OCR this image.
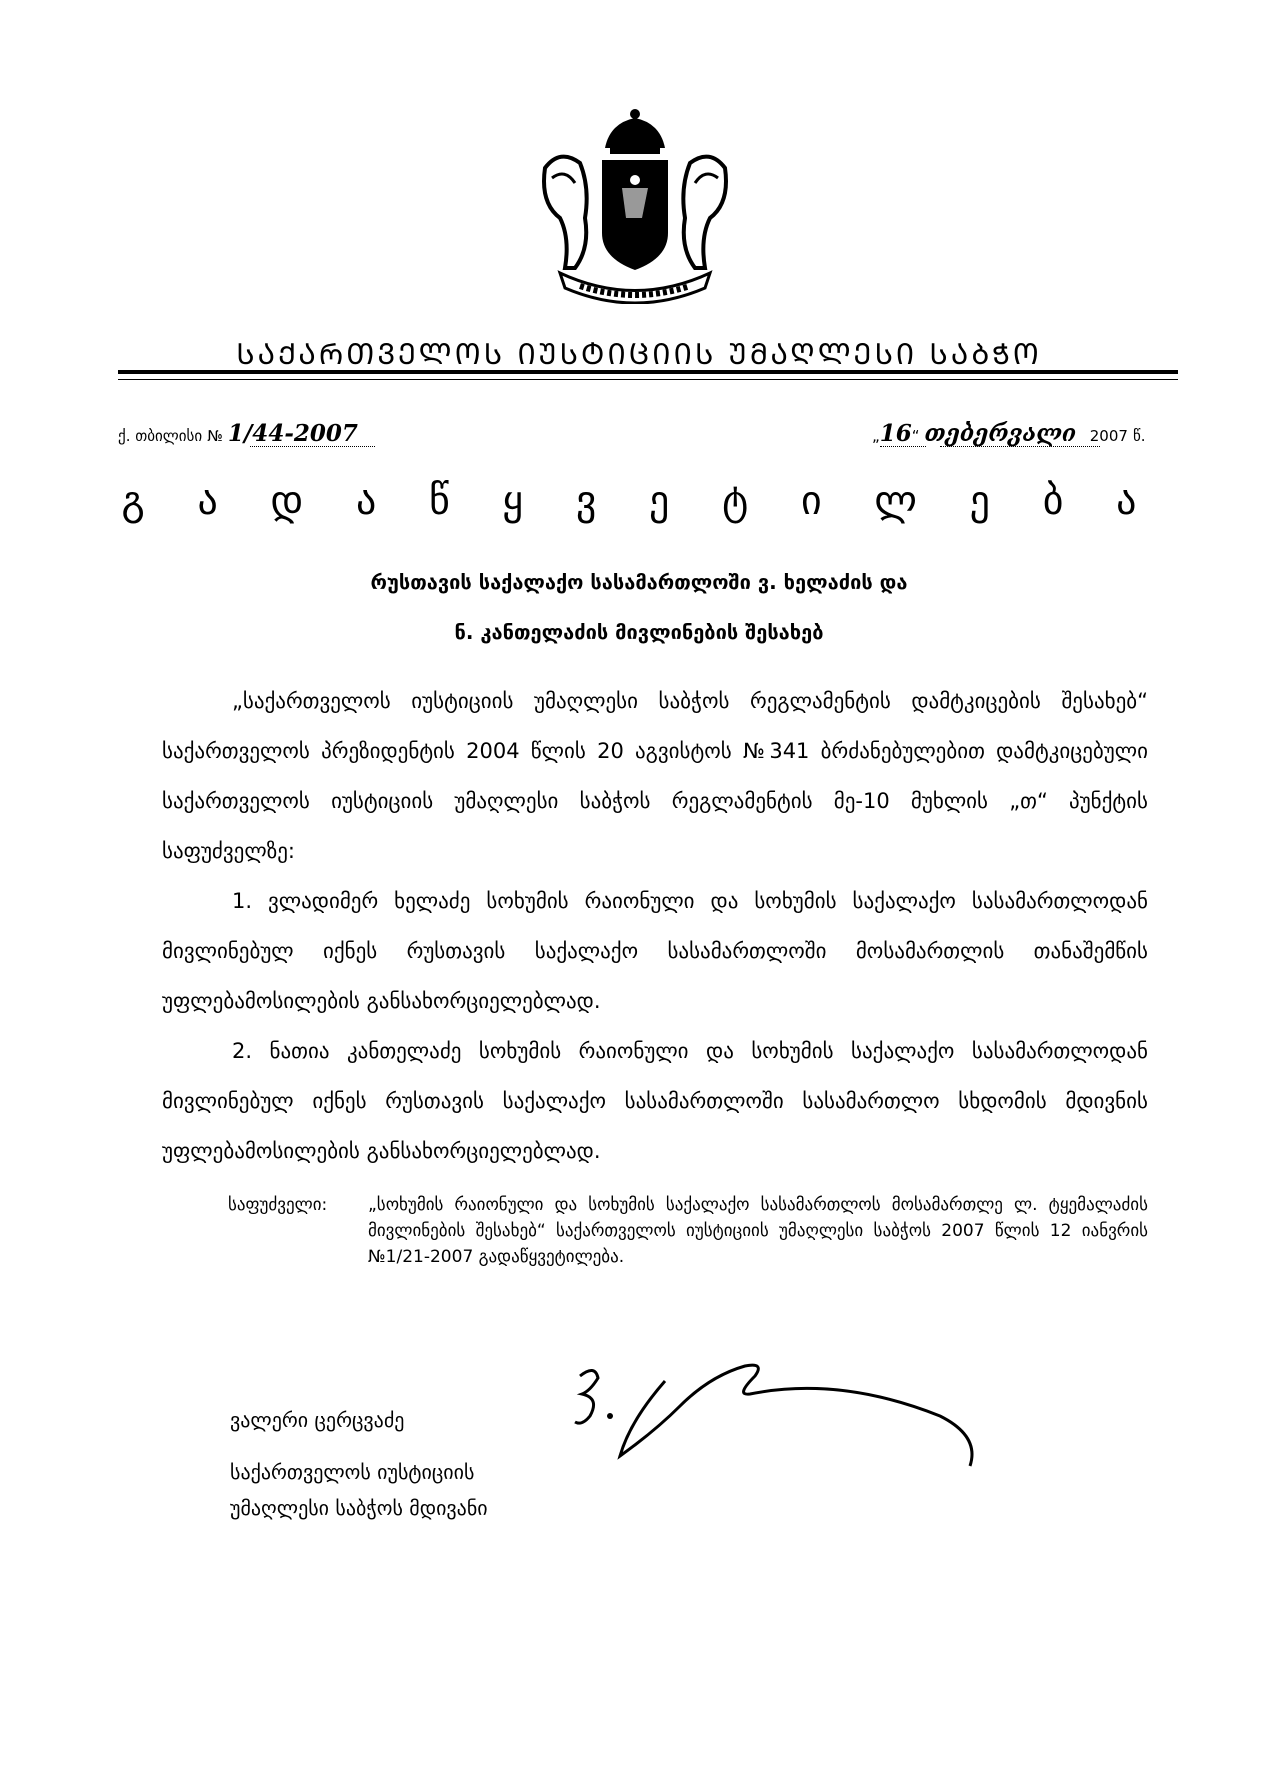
ᲡᲐᲥᲐᲠᲗᲕᲔᲚᲝᲡ ᲘᲣᲡᲢᲘᲪᲘᲘᲡ ᲣᲛᲐᲦᲚᲔᲡᲘ ᲡᲐᲑᲭᲝ
ქ. თბილისი № 1/44-2007	„16“ თებერვალი 2007 წ.
გ ა დ ა წ ყ ვ ე ტ ი ლ ე ბ ა
რუსთავის საქალაქო სასამართლოში ვ. ხელაძის და
ნ. კანთელაძის მივლინების შესახებ
„საქართველოს იუსტიციის უმაღლესი საბჭოს რეგლამენტის დამტკიცების შესახებ“ საქართველოს პრეზიდენტის 2004 წლის 20 აგვისტოს №341 ბრძანებულებით დამტკიცებული საქართველოს იუსტიციის უმაღლესი საბჭოს რეგლამენტის მე-10 მუხლის „თ“ პუნქტის საფუძველზე:
1. ვლადიმერ ხელაძე სოხუმის რაიონული და სოხუმის საქალაქო სასამართლოდან მივლინებულ იქნეს რუსთავის საქალაქო სასამართლოში მოსამართლის თანაშემწის უფლებამოსილების განსახორციელებლად.
2. ნათია კანთელაძე სოხუმის რაიონული და სოხუმის საქალაქო სასამართლოდან მივლინებულ იქნეს რუსთავის საქალაქო სასამართლოში სასამართლო სხდომის მდივნის უფლებამოსილების განსახორციელებლად.
საფუძველი: „სოხუმის რაიონული და სოხუმის საქალაქო სასამართლოს მოსამართლე ლ. ტყემალაძის მივლინების შესახებ“ საქართველოს იუსტიციის უმაღლესი საბჭოს 2007 წლის 12 იანვრის №1/21-2007 გადაწყვეტილება.
ვალერი ცერცვაძე
საქართველოს იუსტიციის
უმაღლესი საბჭოს მდივანი
